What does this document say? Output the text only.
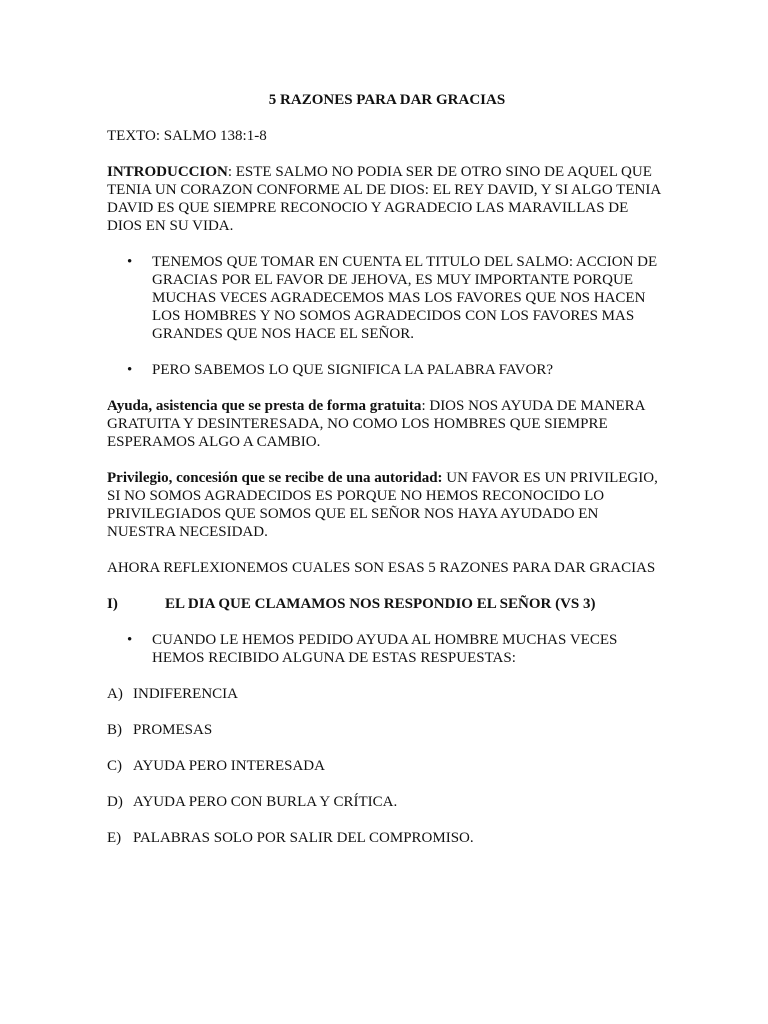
5 RAZONES PARA DAR GRACIAS

TEXTO: SALMO 138:1-8

INTRODUCCION: ESTE SALMO NO PODIA SER DE OTRO SINO DE AQUEL QUE TENIA UN CORAZON CONFORME AL DE DIOS: EL REY DAVID, Y SI ALGO TENIA DAVID ES QUE SIEMPRE RECONOCIO Y AGRADECIO LAS MARAVILLAS DE DIOS EN SU VIDA.

• TENEMOS QUE TOMAR EN CUENTA EL TITULO DEL SALMO: ACCION DE GRACIAS POR EL FAVOR DE JEHOVA, ES MUY IMPORTANTE PORQUE MUCHAS VECES AGRADECEMOS MAS LOS FAVORES QUE NOS HACEN LOS HOMBRES Y NO SOMOS AGRADECIDOS CON LOS FAVORES MAS GRANDES QUE NOS HACE EL SEÑOR.
• PERO SABEMOS LO QUE SIGNIFICA LA PALABRA FAVOR?

Ayuda, asistencia que se presta de forma gratuita: DIOS NOS AYUDA DE MANERA GRATUITA Y DESINTERESADA, NO COMO LOS HOMBRES QUE SIEMPRE ESPERAMOS ALGO A CAMBIO.

Privilegio, concesión que se recibe de una autoridad: UN FAVOR ES UN PRIVILEGIO, SI NO SOMOS AGRADECIDOS ES PORQUE NO HEMOS RECONOCIDO LO PRIVILEGIADOS QUE SOMOS QUE EL SEÑOR NOS HAYA AYUDADO EN NUESTRA NECESIDAD.

AHORA REFLEXIONEMOS CUALES SON ESAS 5 RAZONES PARA DAR GRACIAS

I)	EL DIA QUE CLAMAMOS NOS RESPONDIO EL SEÑOR (VS 3)
• CUANDO LE HEMOS PEDIDO AYUDA AL HOMBRE MUCHAS VECES HEMOS RECIBIDO ALGUNA DE ESTAS RESPUESTAS:
A) INDIFERENCIA
B) PROMESAS
C) AYUDA PERO INTERESADA
D) AYUDA PERO CON BURLA Y CRÍTICA.
E) PALABRAS SOLO POR SALIR DEL COMPROMISO.
